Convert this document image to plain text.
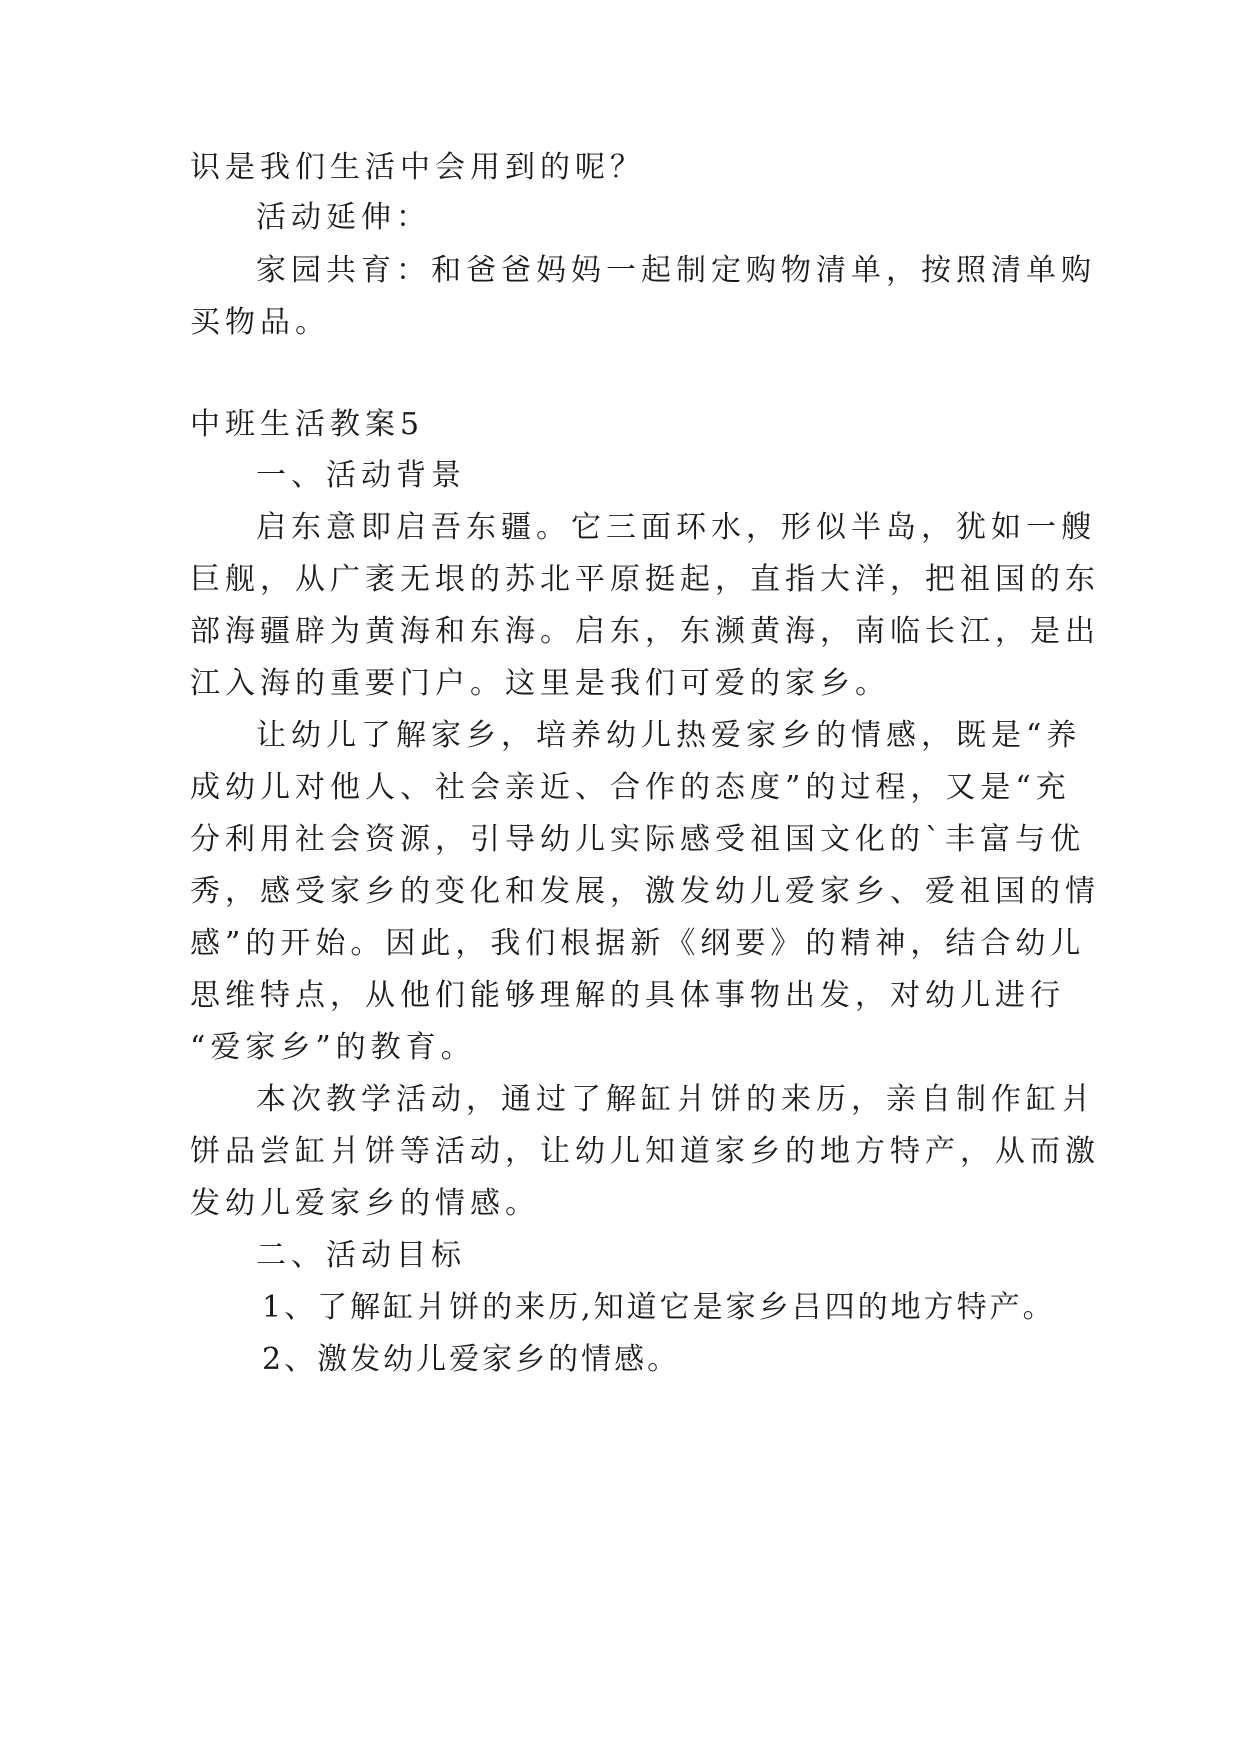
识是我们生活中会用到的呢？
活动延伸：
家园共育：和爸爸妈妈一起制定购物清单，按照清单购
买物品。
中班生活教案5
一、活动背景
启东意即启吾东疆。它三面环水，形似半岛，犹如一艘
巨舰，从广袤无垠的苏北平原挺起，直指大洋，把祖国的东
部海疆辟为黄海和东海。启东，东濒黄海，南临长江，是出
江入海的重要门户。这里是我们可爱的家乡。
让幼儿了解家乡，培养幼儿热爱家乡的情感，既是“养
成幼儿对他人、社会亲近、合作的态度”的过程，又是“充
分利用社会资源，引导幼儿实际感受祖国文化的`丰富与优
秀，感受家乡的变化和发展，激发幼儿爱家乡、爱祖国的情
感”的开始。因此，我们根据新《纲要》的精神，结合幼儿
思维特点，从他们能够理解的具体事物出发，对幼儿进行
“爱家乡”的教育。
本次教学活动，通过了解缸爿饼的来历，亲自制作缸爿
饼品尝缸爿饼等活动，让幼儿知道家乡的地方特产，从而激
发幼儿爱家乡的情感。
二、活动目标
1、了解缸爿饼的来历,知道它是家乡吕四的地方特产。
2、激发幼儿爱家乡的情感。
